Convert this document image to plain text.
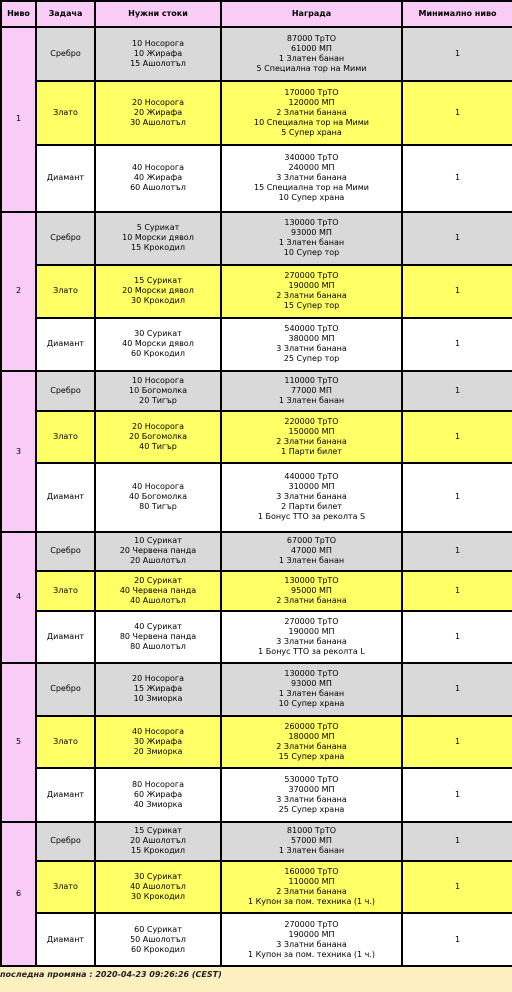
Ниво	Задача	Нужни стоки	Награда	Минимално ниво
1	Сребро	10 Носорога
10 Жирафа
15 Ашолотъл	87000 ТрТО
61000 МП
1 Златен банан
5 Специална тор на Мими	1
	Злато	20 Носорога
20 Жирафа
30 Ашолотъл	170000 ТрТО
120000 МП
2 Златни банана
10 Специална тор на Мими
5 Супер храна	1
	Диамант	40 Носорога
40 Жирафа
60 Ашолотъл	340000 ТрТО
240000 МП
3 Златни банана
15 Специална тор на Мими
10 Супер храна	1
2	Сребро	5 Сурикат
10 Морски дявол
15 Крокодил	130000 ТрТО
93000 МП
1 Златен банан
10 Супер тор	1
	Злато	15 Сурикат
20 Морски дявол
30 Крокодил	270000 ТрТО
190000 МП
2 Златни банана
15 Супер тор	1
	Диамант	30 Сурикат
40 Морски дявол
60 Крокодил	540000 ТрТО
380000 МП
3 Златни банана
25 Супер тор	1
3	Сребро	10 Носорога
10 Богомолка
20 Тигър	110000 ТрТО
77000 МП
1 Златен банан	1
	Злато	20 Носорога
20 Богомолка
40 Тигър	220000 ТрТО
150000 МП
2 Златни банана
1 Парти билет	1
	Диамант	40 Носорога
40 Богомолка
80 Тигър	440000 ТрТО
310000 МП
3 Златни банана
2 Парти билет
1 Бонус ТТО за реколта S	1
4	Сребро	10 Сурикат
20 Червена панда
20 Ашолотъл	67000 ТрТО
47000 МП
1 Златен банан	1
	Злато	20 Сурикат
40 Червена панда
40 Ашолотъл	130000 ТрТО
95000 МП
2 Златни банана	1
	Диамант	40 Сурикат
80 Червена панда
80 Ашолотъл	270000 ТрТО
190000 МП
3 Златни банана
1 Бонус ТТО за реколта L	1
5	Сребро	20 Носорога
15 Жирафа
10 Змиорка	130000 ТрТО
93000 МП
1 Златен банан
10 Супер храна	1
	Злато	40 Носорога
30 Жирафа
20 Змиорка	260000 ТрТО
180000 МП
2 Златни банана
15 Супер храна	1
	Диамант	80 Носорога
60 Жирафа
40 Змиорка	530000 ТрТО
370000 МП
3 Златни банана
25 Супер храна	1
6	Сребро	15 Сурикат
20 Ашолотъл
15 Крокодил	81000 ТрТО
57000 МП
1 Златен банан	1
	Злато	30 Сурикат
40 Ашолотъл
30 Крокодил	160000 ТрТО
110000 МП
2 Златни банана
1 Купон за пом. техника (1 ч.)	1
	Диамант	60 Сурикат
50 Ашолотъл
60 Крокодил	270000 ТрТО
190000 МП
3 Златни банана
1 Купон за пом. техника (1 ч.)	1
последна промяна : 2020-04-23 09:26:26 (CEST)
